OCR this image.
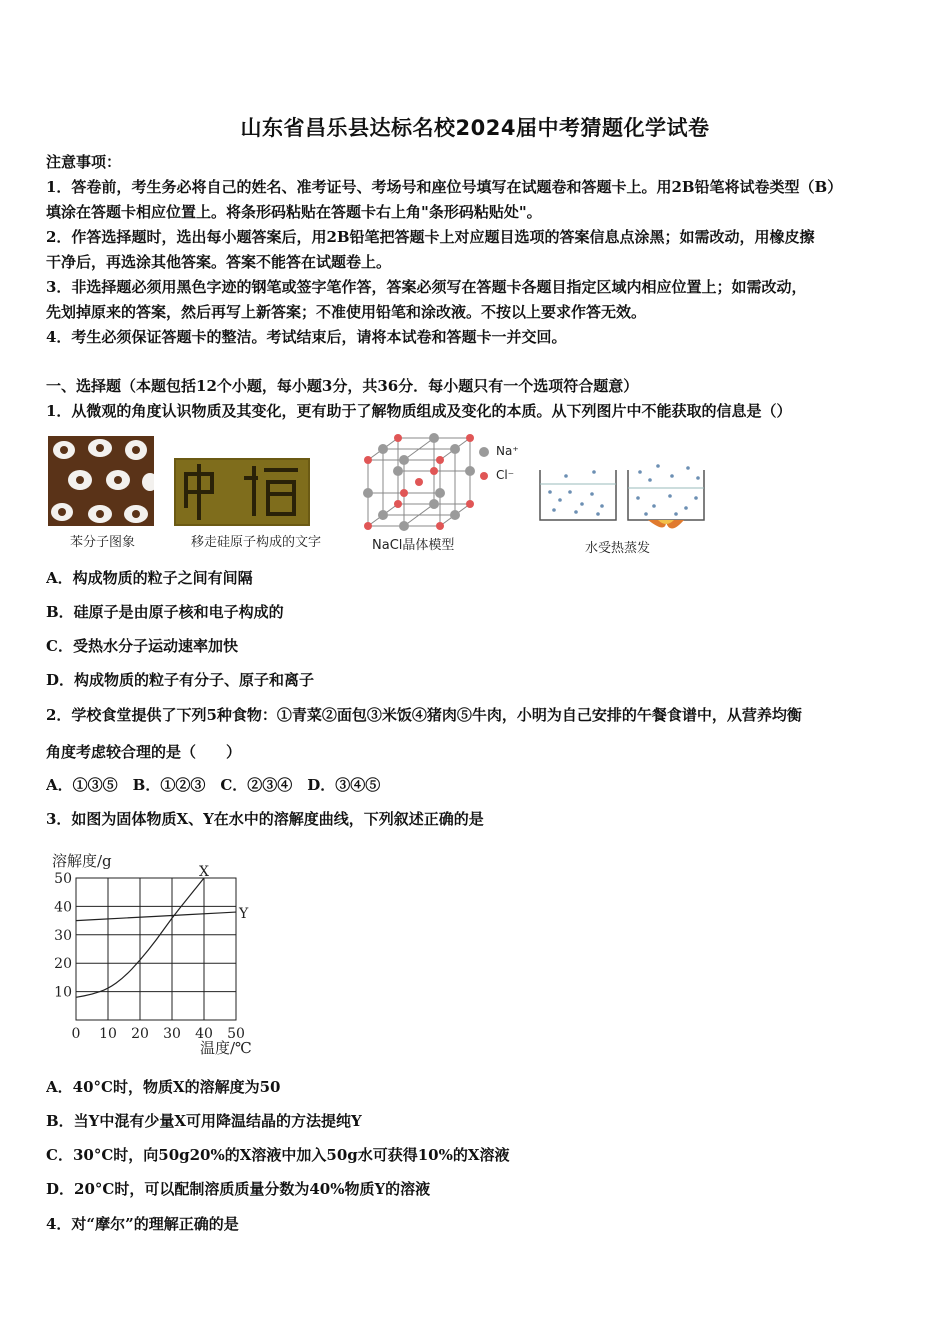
山东省昌乐县达标名校2024届中考猜题化学试卷
注意事项：
1．答卷前，考生务必将自己的姓名、准考证号、考场号和座位号填写在试题卷和答题卡上。用2B铅笔将试卷类型（B）
填涂在答题卡相应位置上。将条形码粘贴在答题卡右上角"条形码粘贴处"。
2．作答选择题时，选出每小题答案后，用2B铅笔把答题卡上对应题目选项的答案信息点涂黑；如需改动，用橡皮擦
干净后，再选涂其他答案。答案不能答在试题卷上。
3．非选择题必须用黑色字迹的钢笔或签字笔作答，答案必须写在答题卡各题目指定区域内相应位置上；如需改动，
先划掉原来的答案，然后再写上新答案；不准使用铅笔和涂改液。不按以上要求作答无效。
4．考生必须保证答题卡的整洁。考试结束后，请将本试卷和答题卡一并交回。
一、选择题（本题包括12个小题，每小题3分，共36分．每小题只有一个选项符合题意）
1．从微观的角度认识物质及其变化，更有助于了解物质组成及变化的本质。从下列图片中不能获取的信息是（）
苯分子图象	移走硅原子构成的文字
Na⁺
Cl⁻
NaCl晶体模型	水受热蒸发
A．构成物质的粒子之间有间隔
B．硅原子是由原子核和电子构成的
C．受热水分子运动速率加快
D．构成物质的粒子有分子、原子和离子
2．学校食堂提供了下列5种食物：①青菜②面包③米饭④猪肉⑤牛肉，小明为自己安排的午餐食谱中，从营养均衡
角度考虑较合理的是（　　）
A．①③⑤　B．①②③　C．②③④　D．③④⑤
3．如图为固体物质X、Y在水中的溶解度曲线，下列叙述正确的是
0 10 20 30 40 50
10
20
30
40
50	X
Y
溶解度/g
温度/℃
A．40°C时，物质X的溶解度为50
B．当Y中混有少量X可用降温结晶的方法提纯Y
C．30°C时，向50g20%的X溶液中加入50g水可获得10%的X溶液
D．20°C时，可以配制溶质质量分数为40%物质Y的溶液
4．对“摩尔”的理解正确的是
